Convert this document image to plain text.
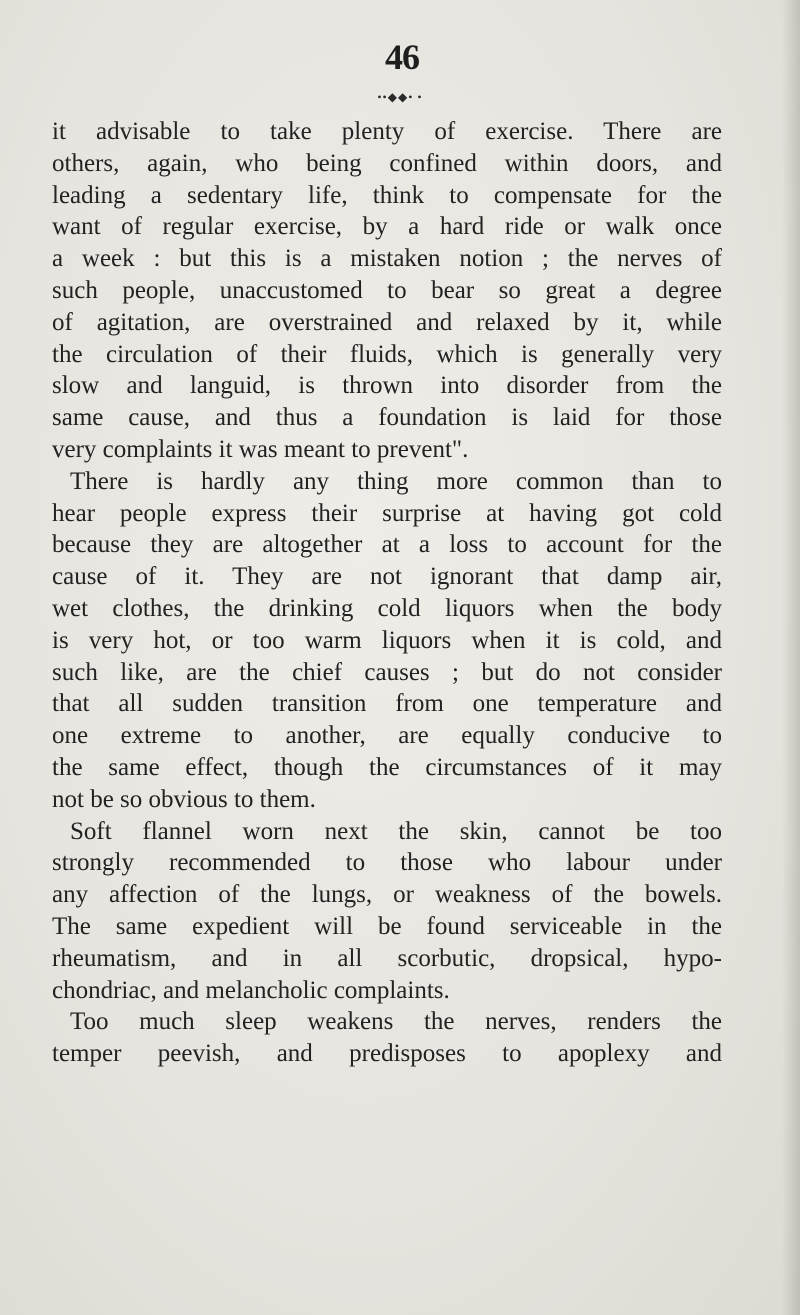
46
••◆◆• •
it advisable to take plenty of exercise. There are
others, again, who being confined within doors, and
leading a sedentary life, think to compensate for the
want of regular exercise, by a hard ride or walk once
a week : but this is a mistaken notion ; the nerves of
such people, unaccustomed to bear so great a degree
of agitation, are overstrained and relaxed by it, while
the circulation of their fluids, which is generally very
slow and languid, is thrown into disorder from the
same cause, and thus a foundation is laid for those
very complaints it was meant to prevent".
There is hardly any thing more common than to
hear people express their surprise at having got cold
because they are altogether at a loss to account for the
cause of it. They are not ignorant that damp air,
wet clothes, the drinking cold liquors when the body
is very hot, or too warm liquors when it is cold, and
such like, are the chief causes ; but do not consider
that all sudden transition from one temperature and
one extreme to another, are equally conducive to
the same effect, though the circumstances of it may
not be so obvious to them.
Soft flannel worn next the skin, cannot be too
strongly recommended to those who labour under
any affection of the lungs, or weakness of the bowels.
The same expedient will be found serviceable in the
rheumatism, and in all scorbutic, dropsical, hypo-
chondriac, and melancholic complaints.
Too much sleep weakens the nerves, renders the
temper peevish, and predisposes to apoplexy and
